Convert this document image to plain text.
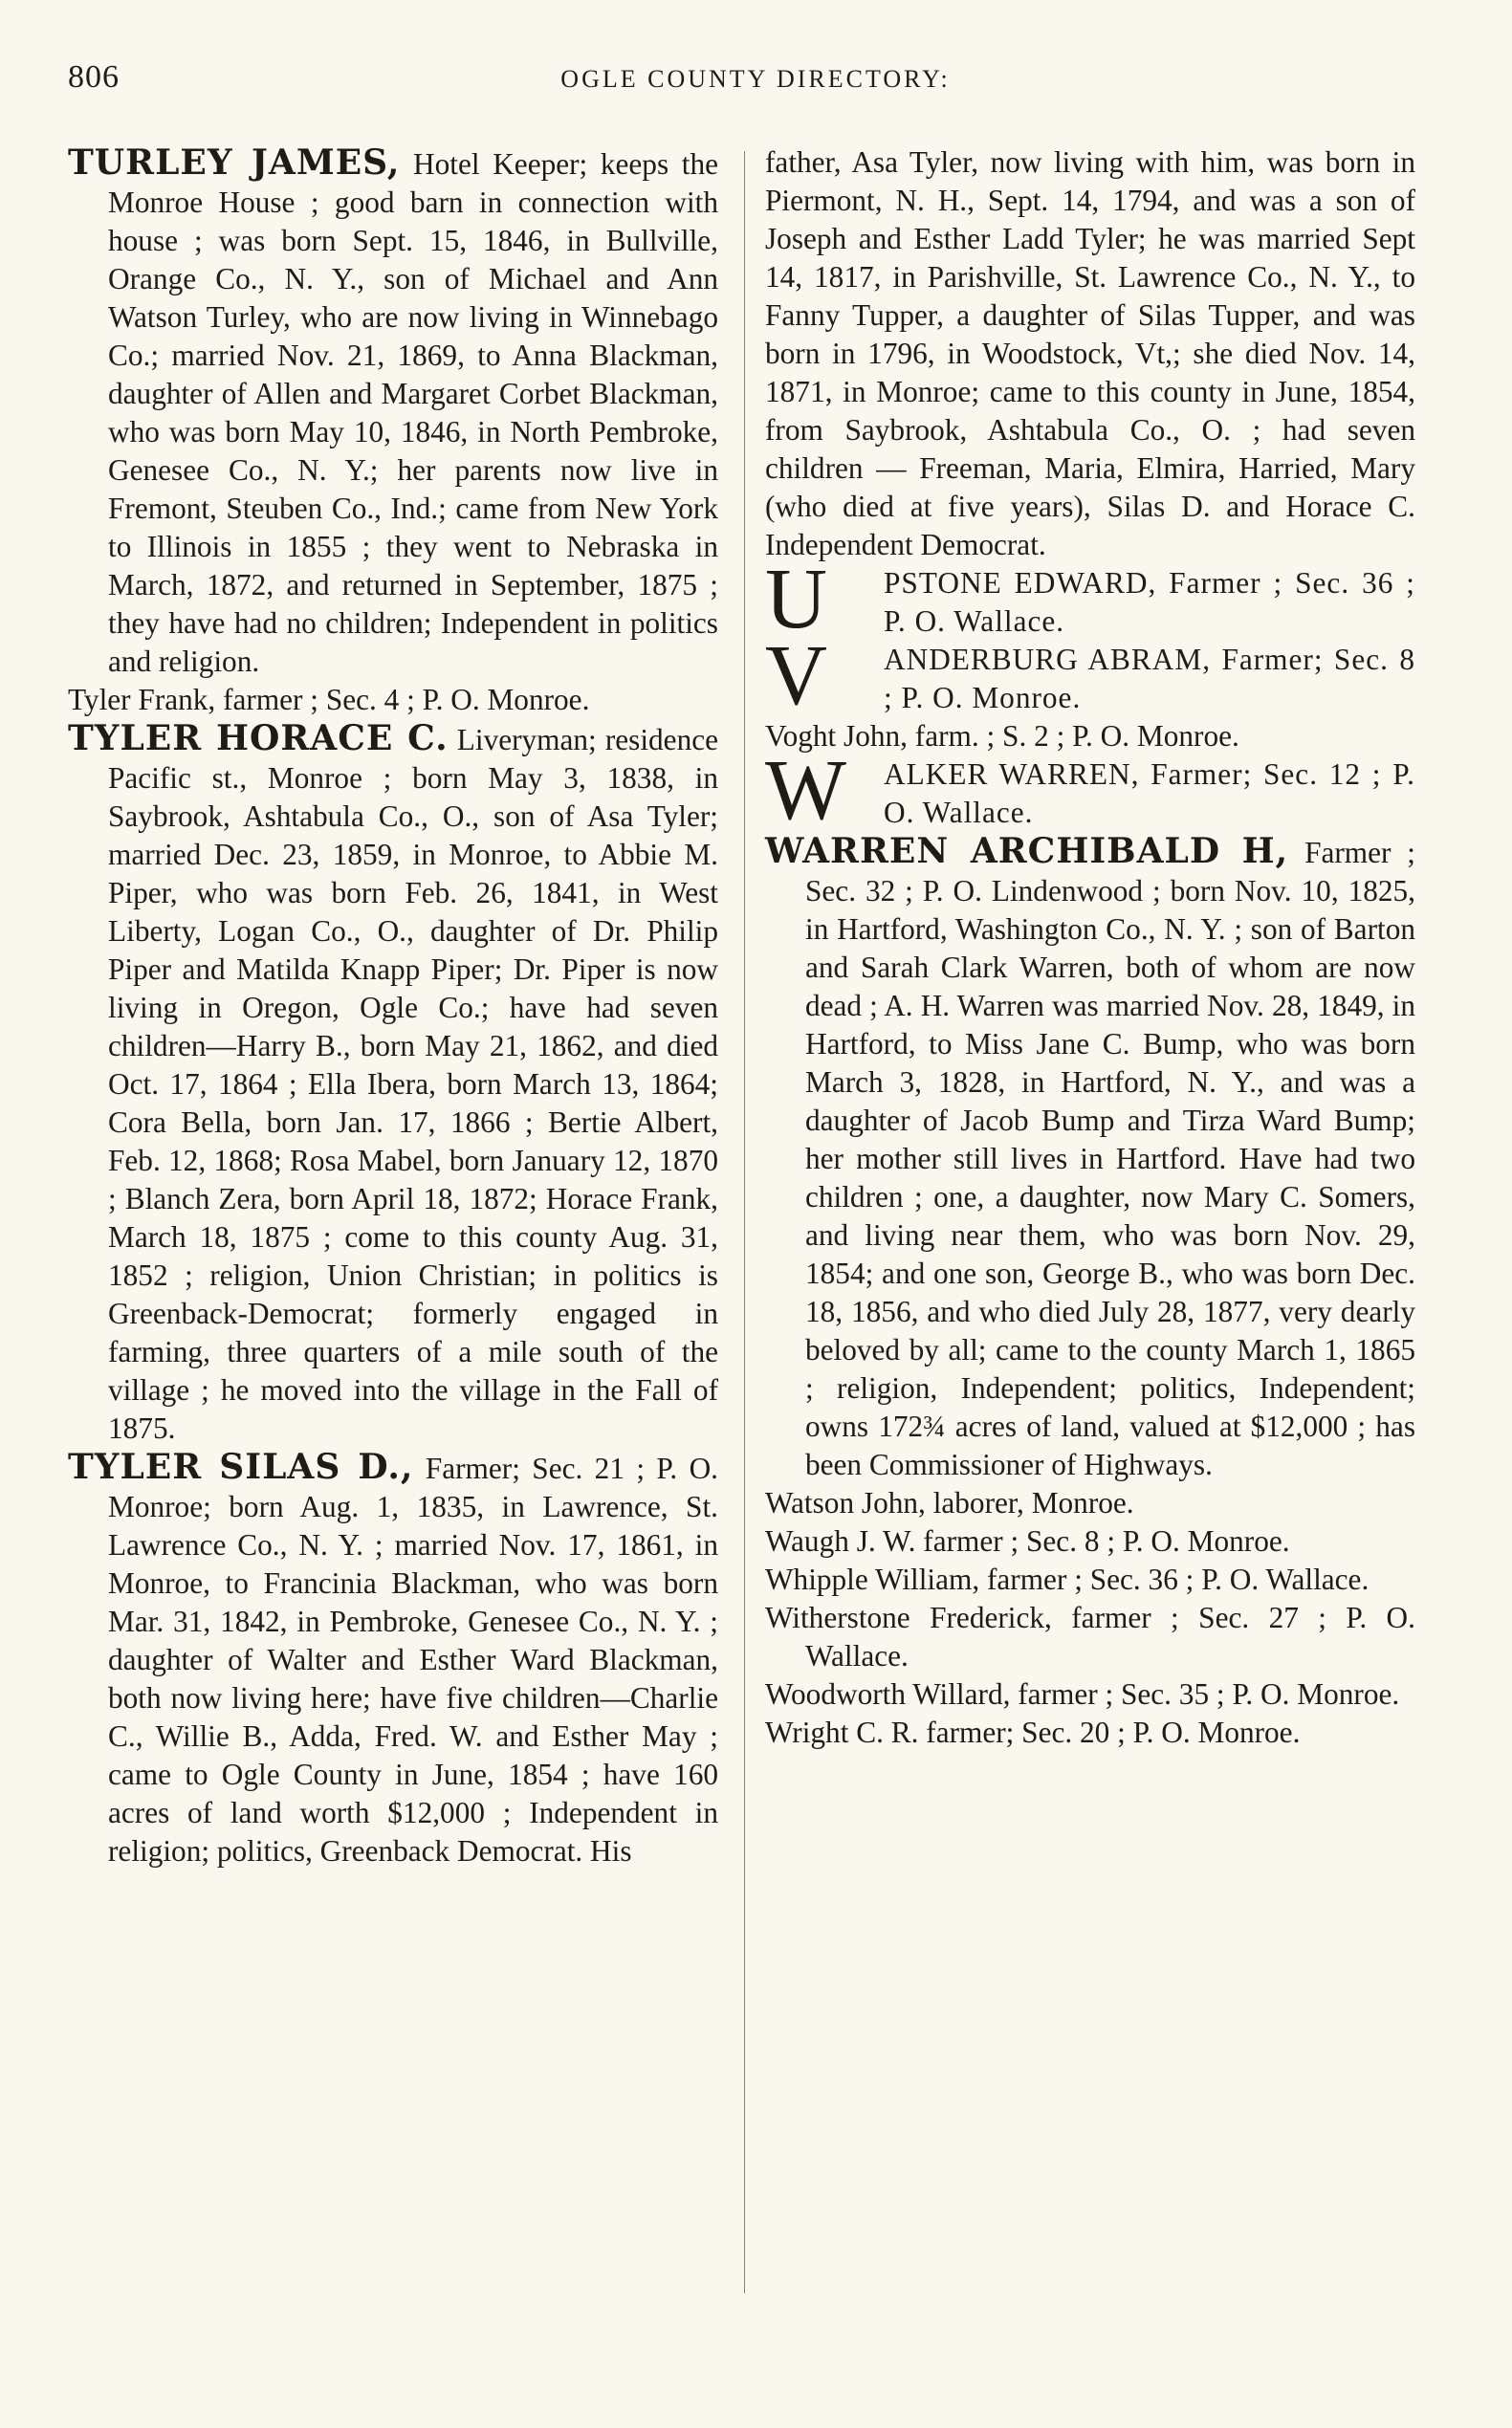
806	OGLE COUNTY DIRECTORY:

TURLEY JAMES, Hotel Keeper; keeps the Monroe House ; good barn in connection with house ; was born Sept. 15, 1846, in Bullville, Orange Co., N. Y., son of Michael and Ann Watson Turley, who are now living in Winnebago Co.; married Nov. 21, 1869, to Anna Blackman, daughter of Allen and Margaret Corbet Blackman, who was born May 10, 1846, in North Pembroke, Genesee Co., N. Y.; her parents now live in Fremont, Steuben Co., Ind.; came from New York to Illinois in 1855 ; they went to Nebraska in March, 1872, and returned in September, 1875 ; they have had no children; Independent in politics and religion.

Tyler Frank, farmer ; Sec. 4 ; P. O. Monroe.

TYLER HORACE C. Liveryman; residence Pacific st., Monroe ; born May 3, 1838, in Saybrook, Ashtabula Co., O., son of Asa Tyler; married Dec. 23, 1859, in Monroe, to Abbie M. Piper, who was born Feb. 26, 1841, in West Liberty, Logan Co., O., daughter of Dr. Philip Piper and Matilda Knapp Piper; Dr. Piper is now living in Oregon, Ogle Co.; have had seven children—Harry B., born May 21, 1862, and died Oct. 17, 1864 ; Ella Ibera, born March 13, 1864; Cora Bella, born Jan. 17, 1866 ; Bertie Albert, Feb. 12, 1868; Rosa Mabel, born January 12, 1870 ; Blanch Zera, born April 18, 1872; Horace Frank, March 18, 1875 ; come to this county Aug. 31, 1852 ; religion, Union Christian; in politics is Greenback-Democrat; formerly engaged in farming, three quarters of a mile south of the village ; he moved into the village in the Fall of 1875.

TYLER SILAS D., Farmer; Sec. 21 ; P. O. Monroe; born Aug. 1, 1835, in Lawrence, St. Lawrence Co., N. Y. ; married Nov. 17, 1861, in Monroe, to Francinia Blackman, who was born Mar. 31, 1842, in Pembroke, Genesee Co., N. Y. ; daughter of Walter and Esther Ward Blackman, both now living here; have five children—Charlie C., Willie B., Adda, Fred. W. and Esther May ; came to Ogle County in June, 1854 ; have 160 acres of land worth $12,000 ; Independent in religion; politics, Greenback Democrat. His

father, Asa Tyler, now living with him, was born in Piermont, N. H., Sept. 14, 1794, and was a son of Joseph and Esther Ladd Tyler; he was married Sept 14, 1817, in Parishville, St. Lawrence Co., N. Y., to Fanny Tupper, a daughter of Silas Tupper, and was born in 1796, in Woodstock, Vt,; she died Nov. 14, 1871, in Monroe; came to this county in June, 1854, from Saybrook, Ashtabula Co., O. ; had seven children — Freeman, Maria, Elmira, Harried, Mary (who died at five years), Silas D. and Horace C. Independent Democrat.

U PSTONE EDWARD, Farmer ; Sec. 36 ; P. O. Wallace.

V ANDERBURG ABRAM, Farmer; Sec. 8 ; P. O. Monroe.

Voght John, farm. ; S. 2 ; P. O. Monroe.

W ALKER WARREN, Farmer; Sec. 12 ; P. O. Wallace.

WARREN ARCHIBALD H, Farmer ; Sec. 32 ; P. O. Lindenwood ; born Nov. 10, 1825, in Hartford, Washington Co., N. Y. ; son of Barton and Sarah Clark Warren, both of whom are now dead ; A. H. Warren was married Nov. 28, 1849, in Hartford, to Miss Jane C. Bump, who was born March 3, 1828, in Hartford, N. Y., and was a daughter of Jacob Bump and Tirza Ward Bump; her mother still lives in Hartford. Have had two children ; one, a daughter, now Mary C. Somers, and living near them, who was born Nov. 29, 1854; and one son, George B., who was born Dec. 18, 1856, and who died July 28, 1877, very dearly beloved by all; came to the county March 1, 1865 ; religion, Independent; politics, Independent; owns 172¾ acres of land, valued at $12,000 ; has been Commissioner of Highways.

Watson John, laborer, Monroe.

Waugh J. W. farmer ; Sec. 8 ; P. O. Monroe.

Whipple William, farmer ; Sec. 36 ; P. O. Wallace.

Witherstone Frederick, farmer ; Sec. 27 ; P. O. Wallace.

Woodworth Willard, farmer ; Sec. 35 ; P. O. Monroe.

Wright C. R. farmer; Sec. 20 ; P. O. Monroe.
